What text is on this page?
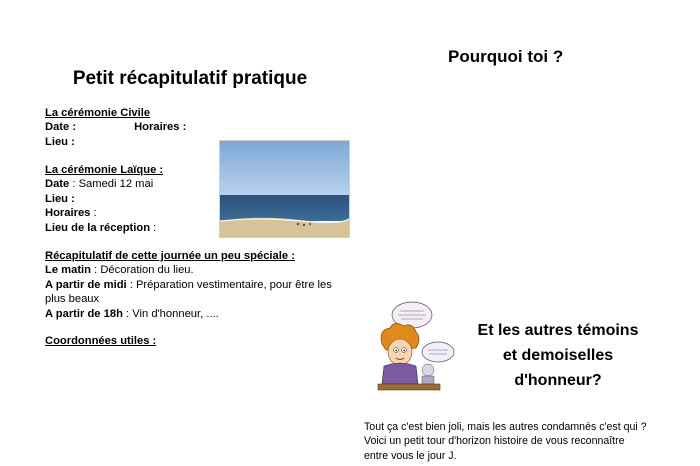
Petit récapitulatif pratique
La cérémonie Civile
Date :	Horaires :
Lieu :
La cérémonie Laïque :
Date : Samedi 12 mai
Lieu :
Horaires :
Lieu de la réception :
Récapitulatif de cette journée un peu spéciale :
Le matin : Décoration du lieu.
A partir de midi : Préparation vestimentaire, pour être les
plus beaux
A partir de 18h : Vin d'honneur, ....
Coordonnées utiles :
Pourquoi toi ?
Et les autres témoins
et demoiselles
d'honneur?
Tout ça c'est bien joli, mais les autres condamnés c'est qui ?
Voici un petit tour d'horizon histoire de vous reconnaître
entre vous le jour J.
